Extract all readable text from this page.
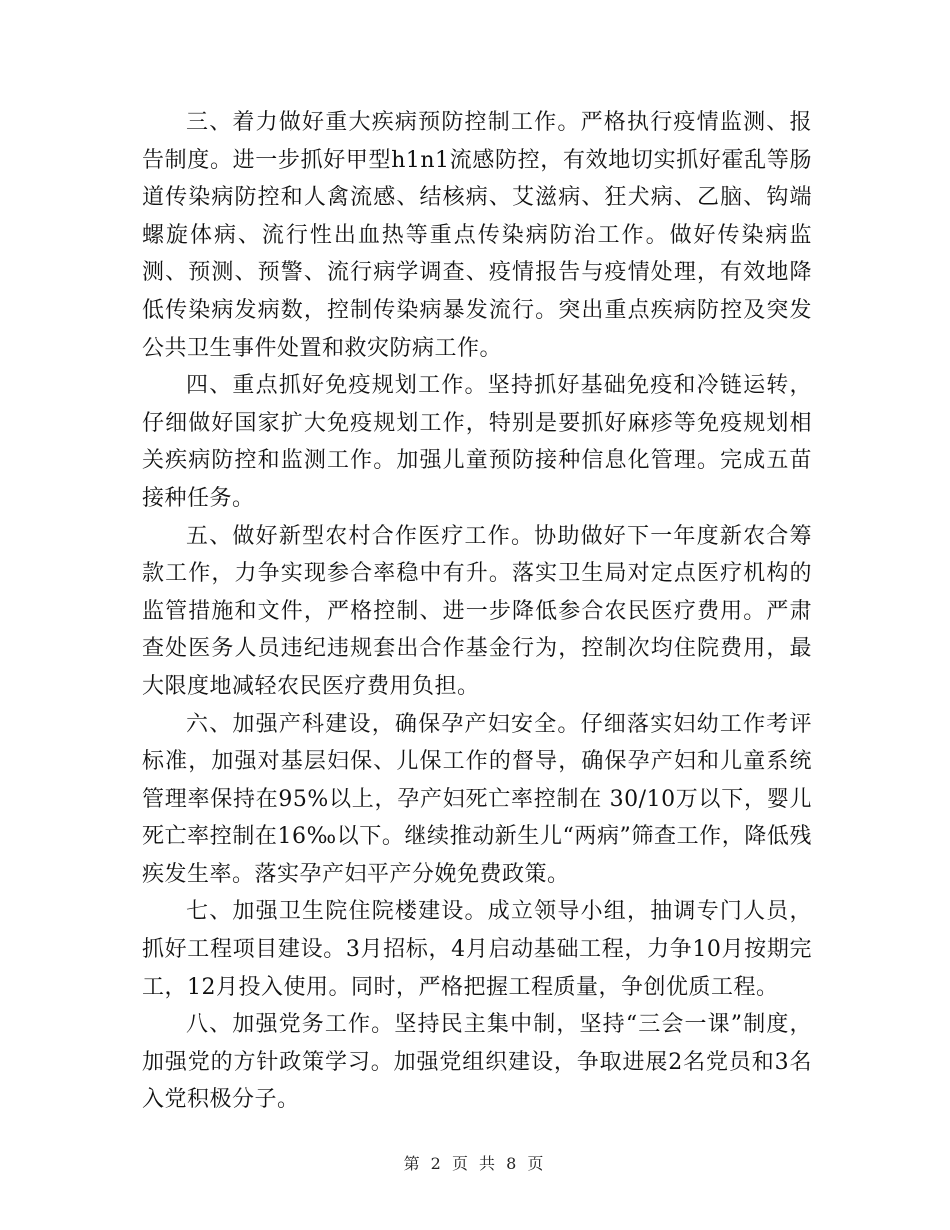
三、着力做好重大疾病预防控制工作。严格执行疫情监测、报告制度。进一步抓好甲型h1n1流感防控，有效地切实抓好霍乱等肠道传染病防控和人禽流感、结核病、艾滋病、狂犬病、乙脑、钩端螺旋体病、流行性出血热等重点传染病防治工作。做好传染病监测、预测、预警、流行病学调查、疫情报告与疫情处理，有效地降低传染病发病数，控制传染病暴发流行。突出重点疾病防控及突发公共卫生事件处置和救灾防病工作。

四、重点抓好免疫规划工作。坚持抓好基础免疫和冷链运转，仔细做好国家扩大免疫规划工作，特别是要抓好麻疹等免疫规划相关疾病防控和监测工作。加强儿童预防接种信息化管理。完成五苗接种任务。

五、做好新型农村合作医疗工作。协助做好下一年度新农合筹款工作，力争实现参合率稳中有升。落实卫生局对定点医疗机构的监管措施和文件，严格控制、进一步降低参合农民医疗费用。严肃查处医务人员违纪违规套出合作基金行为，控制次均住院费用，最大限度地减轻农民医疗费用负担。

六、加强产科建设，确保孕产妇安全。仔细落实妇幼工作考评标准，加强对基层妇保、儿保工作的督导，确保孕产妇和儿童系统管理率保持在95%以上，孕产妇死亡率控制在 30/10万以下，婴儿死亡率控制在16‰以下。继续推动新生儿“两病”筛查工作，降低残疾发生率。落实孕产妇平产分娩免费政策。

七、加强卫生院住院楼建设。成立领导小组，抽调专门人员，抓好工程项目建设。3月招标，4月启动基础工程，力争10月按期完工，12月投入使用。同时，严格把握工程质量，争创优质工程。

八、加强党务工作。坚持民主集中制，坚持“三会一课”制度，加强党的方针政策学习。加强党组织建设，争取进展2名党员和3名入党积极分子。

第 2 页 共 8 页
